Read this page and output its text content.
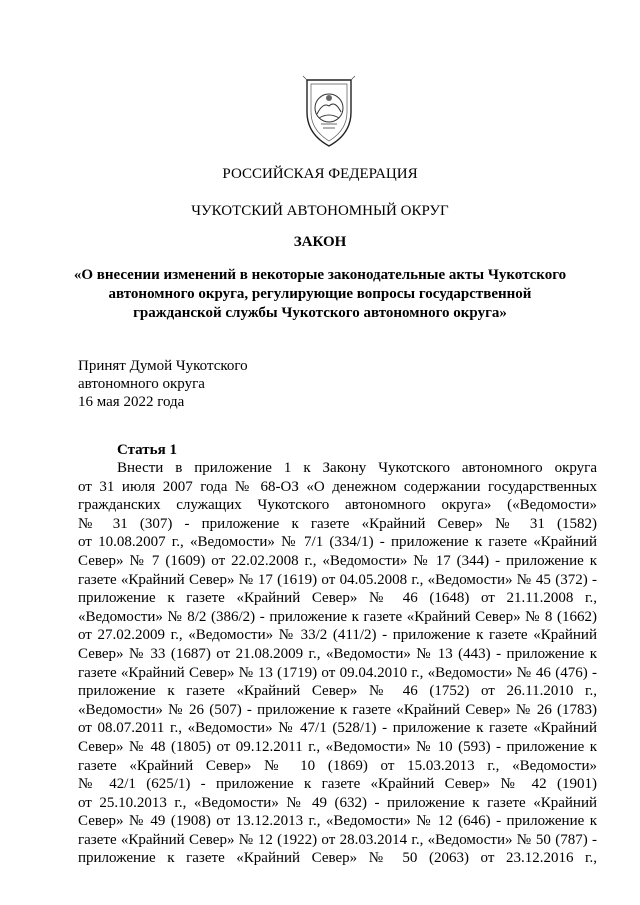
РОССИЙСКАЯ ФЕДЕРАЦИЯ
ЧУКОТСКИЙ АВТОНОМНЫЙ ОКРУГ
ЗАКОН
«О внесении изменений в некоторые законодательные акты Чукотского
автономного округа, регулирующие вопросы государственной
гражданской службы Чукотского автономного округа»
Принят Думой Чукотского
автономного округа
16 мая 2022 года
Статья 1
Внести в приложение 1 к Закону Чукотского автономного округа
от 31 июля 2007 года № 68-ОЗ «О денежном содержании государственных
гражданских служащих Чукотского автономного округа» («Ведомости»
№ 31 (307) - приложение к газете «Крайний Север» № 31 (1582)
от 10.08.2007 г., «Ведомости» № 7/1 (334/1) - приложение к газете «Крайний
Север» № 7 (1609) от 22.02.2008 г., «Ведомости» № 17 (344) - приложение к
газете «Крайний Север» № 17 (1619) от 04.05.2008 г., «Ведомости» № 45 (372) -
приложение к газете «Крайний Север» № 46 (1648) от 21.11.2008 г.,
«Ведомости» № 8/2 (386/2) - приложение к газете «Крайний Север» № 8 (1662)
от 27.02.2009 г., «Ведомости» № 33/2 (411/2) - приложение к газете «Крайний
Север» № 33 (1687) от 21.08.2009 г., «Ведомости» № 13 (443) - приложение к
газете «Крайний Север» № 13 (1719) от 09.04.2010 г., «Ведомости» № 46 (476) -
приложение к газете «Крайний Север» № 46 (1752) от 26.11.2010 г.,
«Ведомости» № 26 (507) - приложение к газете «Крайний Север» № 26 (1783)
от 08.07.2011 г., «Ведомости» № 47/1 (528/1) - приложение к газете «Крайний
Север» № 48 (1805) от 09.12.2011 г., «Ведомости» № 10 (593) - приложение к
газете «Крайний Север» № 10 (1869) от 15.03.2013 г., «Ведомости»
№ 42/1 (625/1) - приложение к газете «Крайний Север» № 42 (1901)
от 25.10.2013 г., «Ведомости» № 49 (632) - приложение к газете «Крайний
Север» № 49 (1908) от 13.12.2013 г., «Ведомости» № 12 (646) - приложение к
газете «Крайний Север» № 12 (1922) от 28.03.2014 г., «Ведомости» № 50 (787) -
приложение к газете «Крайний Север» № 50 (2063) от 23.12.2016 г.,
